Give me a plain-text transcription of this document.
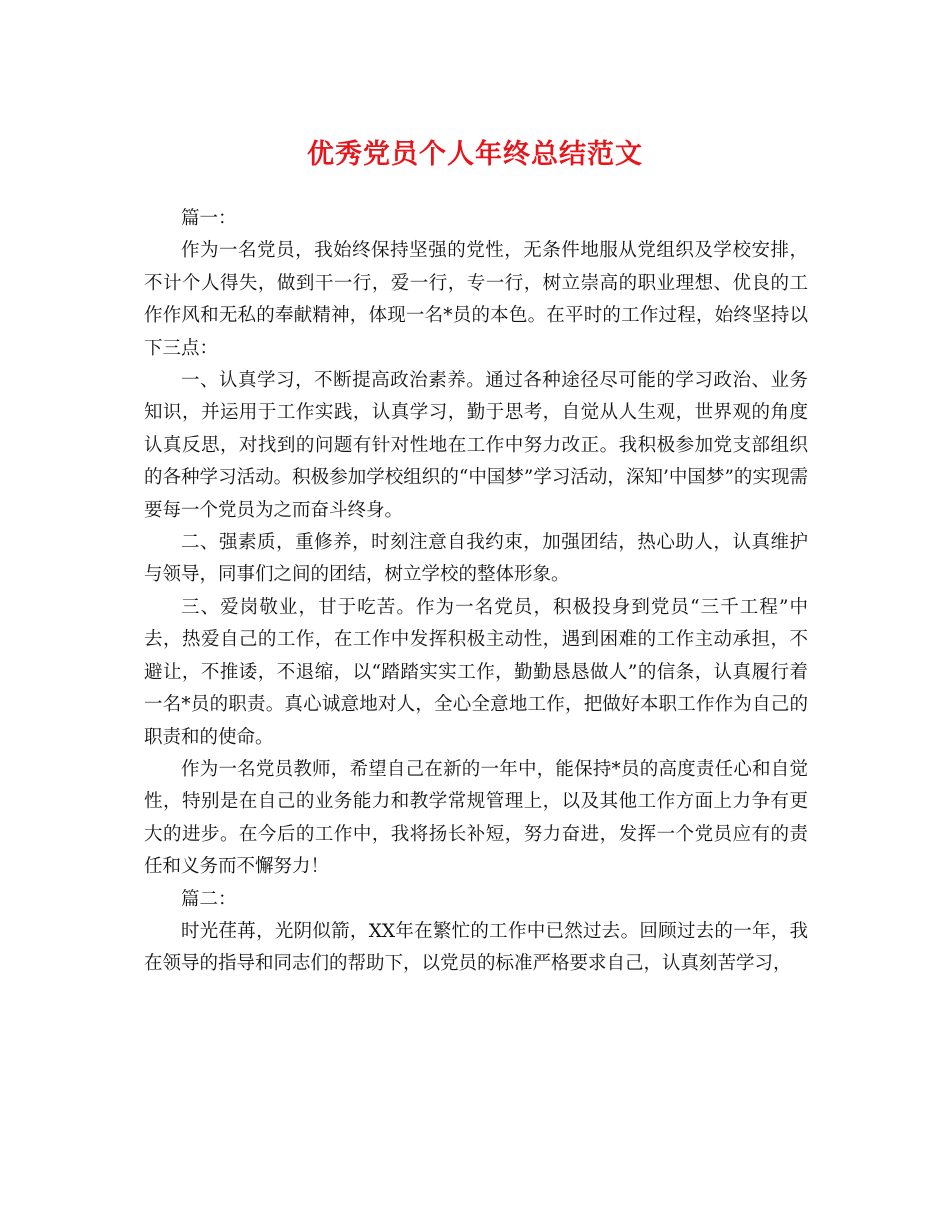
优秀党员个人年终总结范文

篇一：

作为一名党员，我始终保持坚强的党性，无条件地服从党组织及学校安排，不计个人得失，做到干一行，爱一行，专一行，树立崇高的职业理想、优良的工作作风和无私的奉献精神，体现一名*员的本色。在平时的工作过程，始终坚持以下三点：

一、认真学习，不断提高政治素养。通过各种途径尽可能的学习政治、业务知识，并运用于工作实践，认真学习，勤于思考，自觉从人生观，世界观的角度认真反思，对找到的问题有针对性地在工作中努力改正。我积极参加党支部组织的各种学习活动。积极参加学校组织的“中国梦”学习活动，深知’中国梦”的实现需要每一个党员为之而奋斗终身。

二、强素质，重修养，时刻注意自我约束，加强团结，热心助人，认真维护与领导，同事们之间的团结，树立学校的整体形象。

三、爱岗敬业，甘于吃苦。作为一名党员，积极投身到党员“三千工程”中去，热爱自己的工作，在工作中发挥积极主动性，遇到困难的工作主动承担，不避让，不推诿，不退缩，以“踏踏实实工作，勤勤恳恳做人”的信条，认真履行着一名*员的职责。真心诚意地对人，全心全意地工作，把做好本职工作作为自己的职责和的使命。

作为一名党员教师，希望自己在新的一年中，能保持*员的高度责任心和自觉性，特别是在自己的业务能力和教学常规管理上，以及其他工作方面上力争有更大的进步。在今后的工作中，我将扬长补短，努力奋进，发挥一个党员应有的责任和义务而不懈努力！

篇二：

时光荏苒，光阴似箭，XX年在繁忙的工作中已然过去。回顾过去的一年，我在领导的指导和同志们的帮助下，以党员的标准严格要求自己，认真刻苦学习，
